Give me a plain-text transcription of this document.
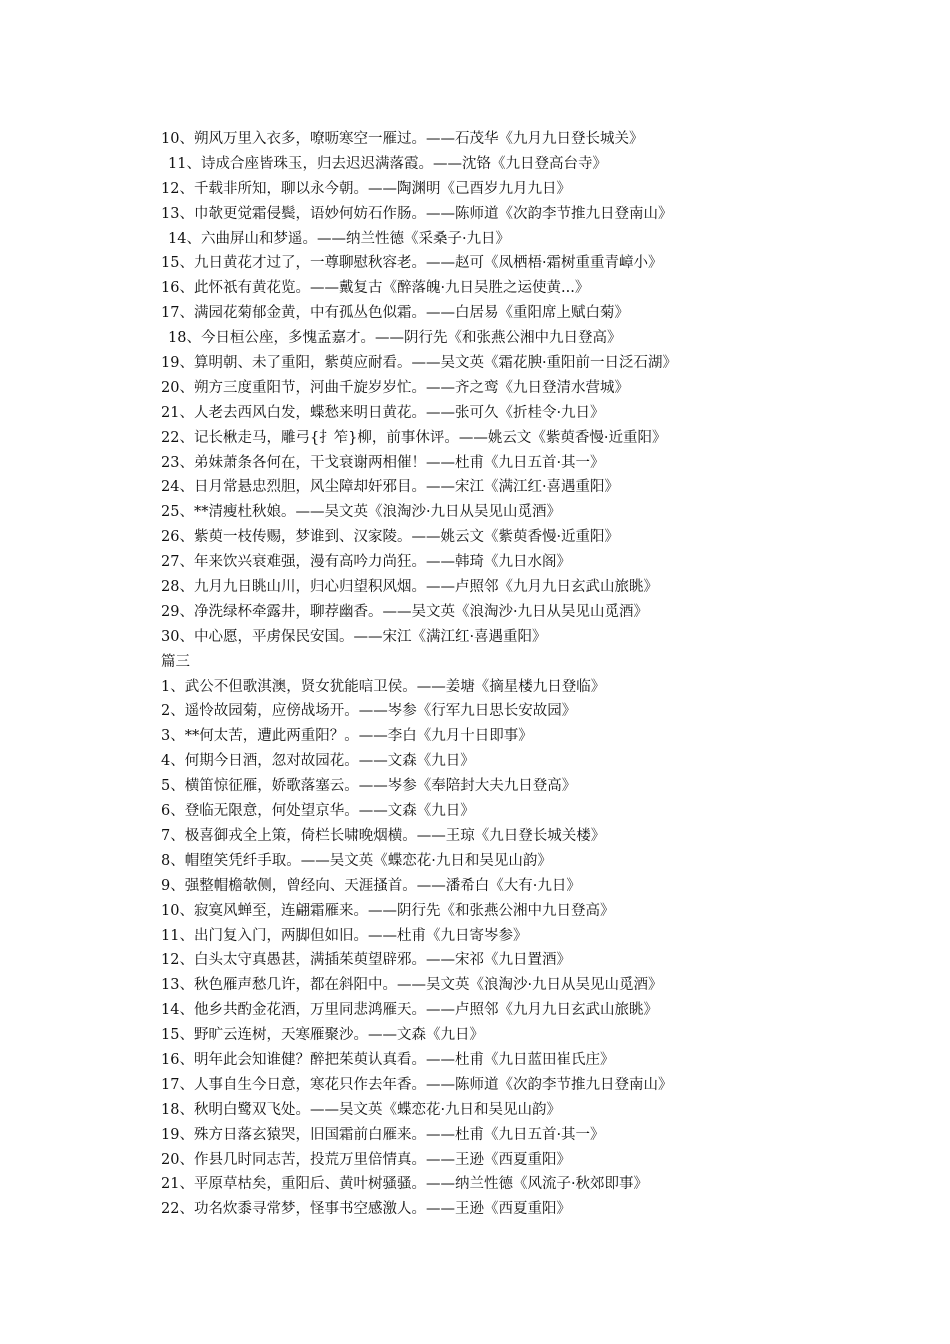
10、朔风万里入衣多，嘹呖寒空一雁过。——石茂华《九月九日登长城关》
11、诗成合座皆珠玉，归去迟迟满落霞。——沈铬《九日登高台寺》
12、千载非所知，聊以永今朝。——陶渊明《己酉岁九月九日》
13、巾欹更觉霜侵鬓，语妙何妨石作肠。——陈师道《次韵李节推九日登南山》
14、六曲屏山和梦遥。——纳兰性德《采桑子·九日》
15、九日黄花才过了，一尊聊慰秋容老。——赵可《凤栖梧·霜树重重青嶂小》
16、此怀祇有黄花览。——戴复古《醉落魄·九日吴胜之运使黄...》
17、满园花菊郁金黄，中有孤丛色似霜。——白居易《重阳席上赋白菊》
18、今日桓公座，多愧孟嘉才。——阴行先《和张燕公湘中九日登高》
19、算明朝、未了重阳，紫萸应耐看。——吴文英《霜花腴·重阳前一日泛石湖》
20、朔方三度重阳节，河曲千旋岁岁忙。——齐之鸾《九日登清水营城》
21、人老去西风白发，蝶愁来明日黄花。——张可久《折桂令·九日》
22、记长楸走马，雕弓{扌笮}柳，前事休评。——姚云文《紫萸香慢·近重阳》
23、弟妹萧条各何在，干戈衰谢两相催！——杜甫《九日五首·其一》
24、日月常悬忠烈胆，风尘障却奸邪目。——宋江《满江红·喜遇重阳》
25、**清瘦杜秋娘。——吴文英《浪淘沙·九日从吴见山觅酒》
26、紫萸一枝传赐，梦谁到、汉家陵。——姚云文《紫萸香慢·近重阳》
27、年来饮兴衰难强，漫有高吟力尚狂。——韩琦《九日水阁》
28、九月九日眺山川，归心归望积风烟。——卢照邻《九月九日玄武山旅眺》
29、净洗绿杯牵露井，聊荐幽香。——吴文英《浪淘沙·九日从吴见山觅酒》
30、中心愿，平虏保民安国。——宋江《满江红·喜遇重阳》
篇三
1、武公不但歌淇澳，贤女犹能唁卫侯。——姜塘《摘星楼九日登临》
2、遥怜故园菊，应傍战场开。——岑参《行军九日思长安故园》
3、**何太苦，遭此两重阳？。——李白《九月十日即事》
4、何期今日酒，忽对故园花。——文森《九日》
5、横笛惊征雁，娇歌落塞云。——岑参《奉陪封大夫九日登高》
6、登临无限意，何处望京华。——文森《九日》
7、极喜御戎全上策，倚栏长啸晚烟横。——王琼《九日登长城关楼》
8、帽堕笑凭纤手取。——吴文英《蝶恋花·九日和吴见山韵》
9、强整帽檐欹侧，曾经向、天涯搔首。——潘希白《大有·九日》
10、寂寞风蝉至，连翩霜雁来。——阴行先《和张燕公湘中九日登高》
11、出门复入门，两脚但如旧。——杜甫《九日寄岑参》
12、白头太守真愚甚，满插茱萸望辟邪。——宋祁《九日置酒》
13、秋色雁声愁几许，都在斜阳中。——吴文英《浪淘沙·九日从吴见山觅酒》
14、他乡共酌金花酒，万里同悲鸿雁天。——卢照邻《九月九日玄武山旅眺》
15、野旷云连树，天寒雁聚沙。——文森《九日》
16、明年此会知谁健？醉把茱萸认真看。——杜甫《九日蓝田崔氏庄》
17、人事自生今日意，寒花只作去年香。——陈师道《次韵李节推九日登南山》
18、秋明白鹭双飞处。——吴文英《蝶恋花·九日和吴见山韵》
19、殊方日落玄猿哭，旧国霜前白雁来。——杜甫《九日五首·其一》
20、作县几时同志苦，投荒万里倍情真。——王逊《西夏重阳》
21、平原草枯矣，重阳后、黄叶树骚骚。——纳兰性德《风流子·秋郊即事》
22、功名炊黍寻常梦，怪事书空感激人。——王逊《西夏重阳》
